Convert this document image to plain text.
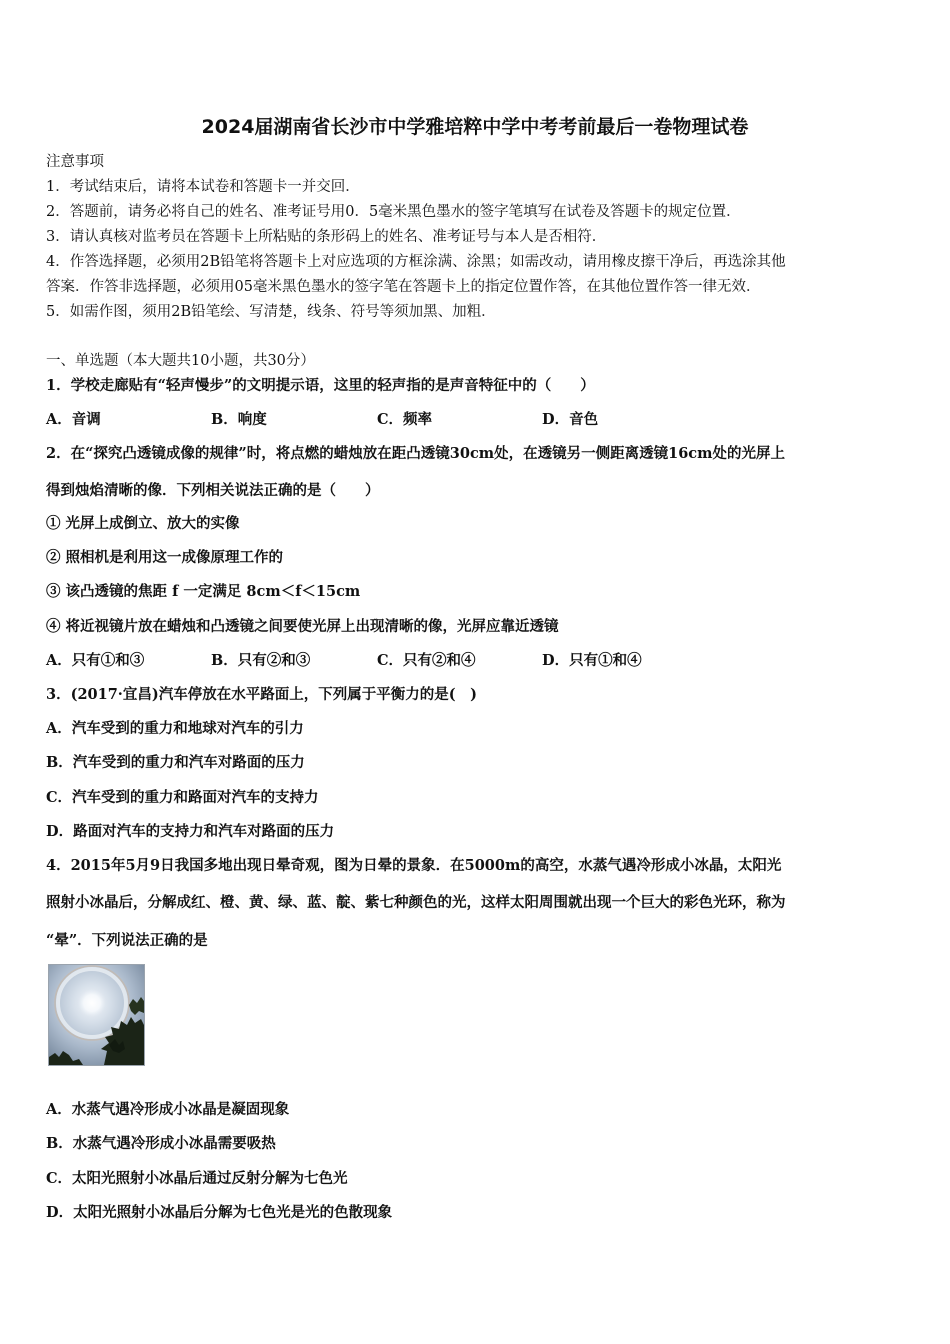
2024届湖南省长沙市中学雅培粹中学中考考前最后一卷物理试卷
注意事项
1．考试结束后，请将本试卷和答题卡一并交回．
2．答题前，请务必将自己的姓名、准考证号用0．5毫米黑色墨水的签字笔填写在试卷及答题卡的规定位置．
3．请认真核对监考员在答题卡上所粘贴的条形码上的姓名、准考证号与本人是否相符．
4．作答选择题，必须用2B铅笔将答题卡上对应选项的方框涂满、涂黑；如需改动，请用橡皮擦干净后，再选涂其他
答案．作答非选择题，必须用05毫米黑色墨水的签字笔在答题卡上的指定位置作答，在其他位置作答一律无效．
5．如需作图，须用2B铅笔绘、写清楚，线条、符号等须加黑、加粗．
一、单选题（本大题共10小题，共30分）
1．学校走廊贴有“轻声慢步”的文明提示语，这里的轻声指的是声音特征中的（　　）
A．音调	B．响度	C．频率	D．音色
2．在“探究凸透镜成像的规律”时，将点燃的蜡烛放在距凸透镜30cm处，在透镜另一侧距离透镜16cm处的光屏上
得到烛焰清晰的像．下列相关说法正确的是（　　）
① 光屏上成倒立、放大的实像
② 照相机是利用这一成像原理工作的
③ 该凸透镜的焦距 f 一定满足 8cm＜f＜15cm
④ 将近视镜片放在蜡烛和凸透镜之间要使光屏上出现清晰的像，光屏应靠近透镜
A．只有①和③	B．只有②和③	C．只有②和④	D．只有①和④
3．(2017·宜昌)汽车停放在水平路面上，下列属于平衡力的是(　)
A．汽车受到的重力和地球对汽车的引力
B．汽车受到的重力和汽车对路面的压力
C．汽车受到的重力和路面对汽车的支持力
D．路面对汽车的支持力和汽车对路面的压力
4．2015年5月9日我国多地出现日晕奇观，图为日晕的景象．在5000m的高空，水蒸气遇冷形成小冰晶，太阳光
照射小冰晶后，分解成红、橙、黄、绿、蓝、靛、紫七种颜色的光，这样太阳周围就出现一个巨大的彩色光环，称为
“晕”．下列说法正确的是
A．水蒸气遇冷形成小冰晶是凝固现象
B．水蒸气遇冷形成小冰晶需要吸热
C．太阳光照射小冰晶后通过反射分解为七色光
D．太阳光照射小冰晶后分解为七色光是光的色散现象
